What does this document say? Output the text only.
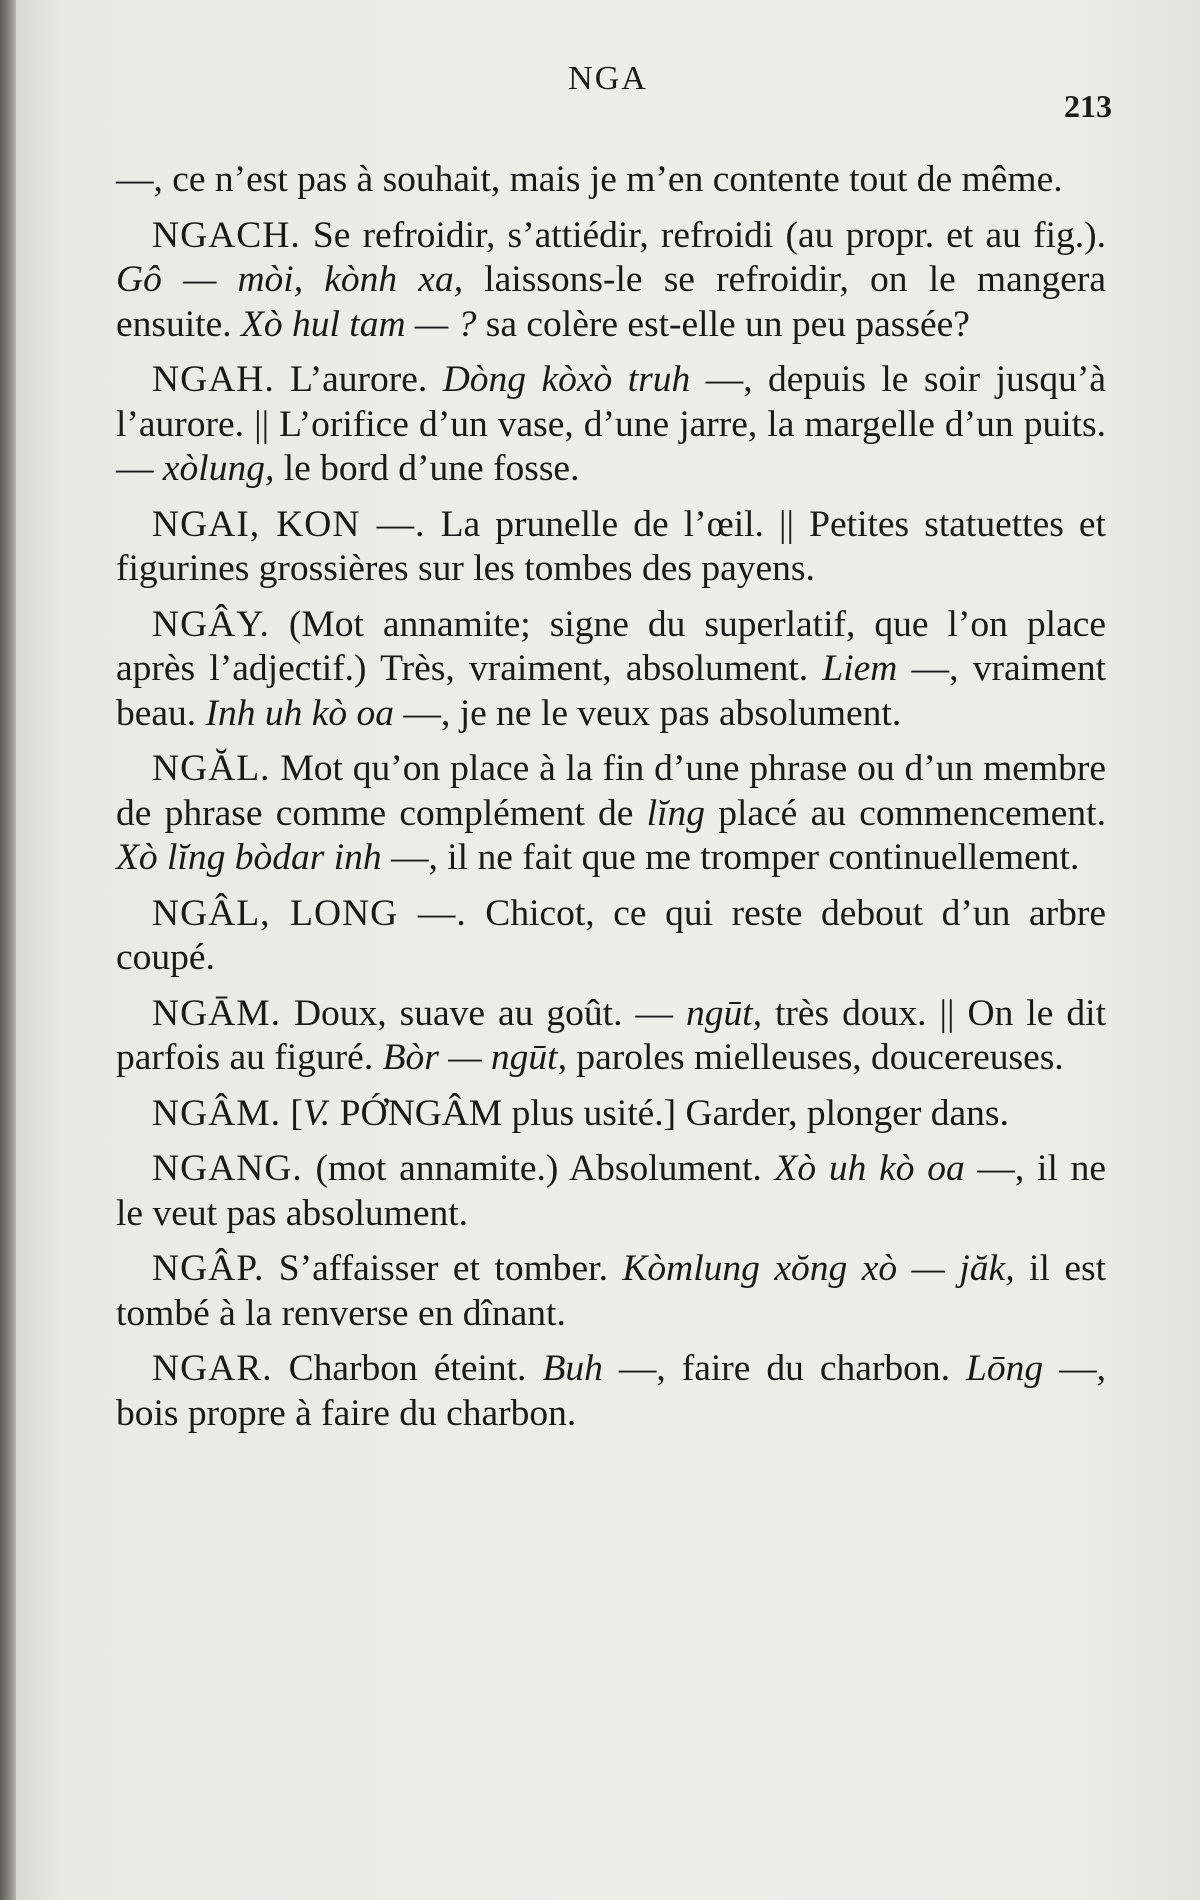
NGA
213

—, ce n’est pas à souhait, mais je m’en contente tout de même.

NGACH. Se refroidir, s’attiédir, refroidi (au propr. et au fig.). Gô — mòi, kònh xa, laissons-le se refroidir, on le mangera ensuite. Xò hul tam — ? sa colère est-elle un peu passée?

NGAH. L’aurore. Dòng kòxò truh —, depuis le soir jusqu’à l’aurore. || L’orifice d’un vase, d’une jarre, la margelle d’un puits. — xòlung, le bord d’une fosse.

NGAI, KON —. La prunelle de l’œil. || Petites statuettes et figurines grossières sur les tombes des payens.

NGÂY. (Mot annamite; signe du superlatif, que l’on place après l’adjectif.) Très, vraiment, absolument. Liem —, vraiment beau. Inh uh kò oa —, je ne le veux pas absolument.

NGĂL. Mot qu’on place à la fin d’une phrase ou d’un membre de phrase comme complément de lĭng placé au commencement. Xò lĭng bòdar inh —, il ne fait que me tromper continuellement.

NGÂL, LONG —. Chicot, ce qui reste debout d’un arbre coupé.

NGĀM. Doux, suave au goût. — ngūt, très doux. || On le dit parfois au figuré. Bòr — ngūt, paroles mielleuses, doucereuses.

NGÂM. [V. PỚNGÂM plus usité.] Garder, plonger dans.

NGANG. (mot annamite.) Absolument. Xò uh kò oa —, il ne le veut pas absolument.

NGÂP. S’affaisser et tomber. Kòmlung xŏng xò — jăk, il est tombé à la renverse en dînant.

NGAR. Charbon éteint. Buh —, faire du charbon. Lōng —, bois propre à faire du charbon.
